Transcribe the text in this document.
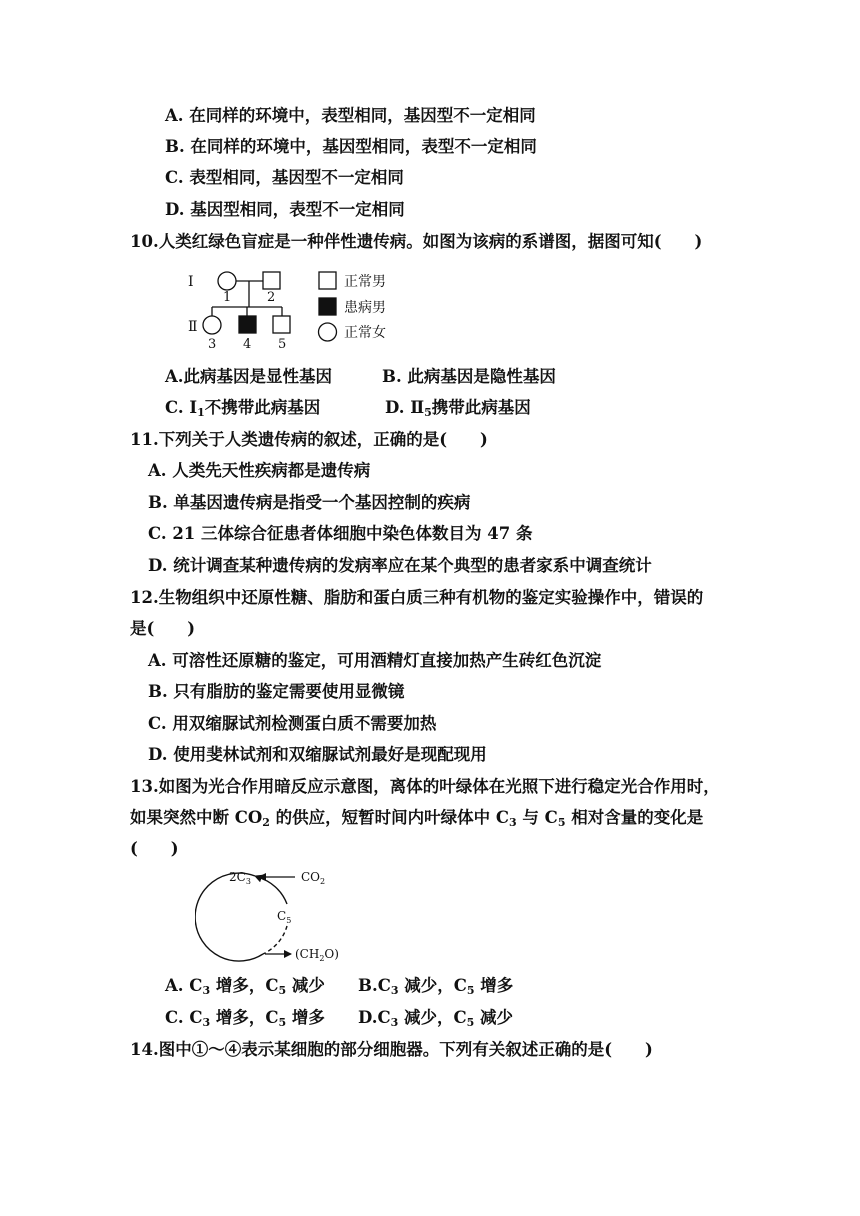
A. 在同样的环境中，表型相同，基因型不一定相同
B. 在同样的环境中，基因型相同，表型不一定相同
C. 表型相同，基因型不一定相同
D. 基因型相同，表型不一定相同
10.人类红绿色盲症是一种伴性遗传病。如图为该病的系谱图，据图可知(　　)
Ⅰ
Ⅱ
1	2
3 4 5
正常男
患病男
正常女
A.此病基因是显性基因	B. 此病基因是隐性基因
C. $Ⅰ_1$不携带此病基因	D. $Ⅱ_5$携带此病基因
11.下列关于人类遗传病的叙述，正确的是(　　)
A. 人类先天性疾病都是遗传病
B. 单基因遗传病是指受一个基因控制的疾病
C. 21 三体综合征患者体细胞中染色体数目为 47 条
D. 统计调查某种遗传病的发病率应在某个典型的患者家系中调查统计
12.生物组织中还原性糖、脂肪和蛋白质三种有机物的鉴定实验操作中，错误的
是(　　)
A. 可溶性还原糖的鉴定，可用酒精灯直接加热产生砖红色沉淀
B. 只有脂肪的鉴定需要使用显微镜
C. 用双缩脲试剂检测蛋白质不需要加热
D. 使用斐林试剂和双缩脲试剂最好是现配现用
13.如图为光合作用暗反应示意图，离体的叶绿体在光照下进行稳定光合作用时，
如果突然中断 $CO_2$ 的供应，短暂时间内叶绿体中 $C_3$ 与 $C_5$ 相对含量的变化是
(　　)
$2C_3$	$CO_2$
$C_5$
$(CH_2O)$
A. $C_3$ 增多，$C_5$ 减少 $B.C_3$ 减少，$C_5$ 增多
C. $C_3$ 增多，$C_5$ 增多 $D.C_3$ 减少，$C_5$ 减少
14.图中①～④表示某细胞的部分细胞器。下列有关叙述正确的是(　　)
